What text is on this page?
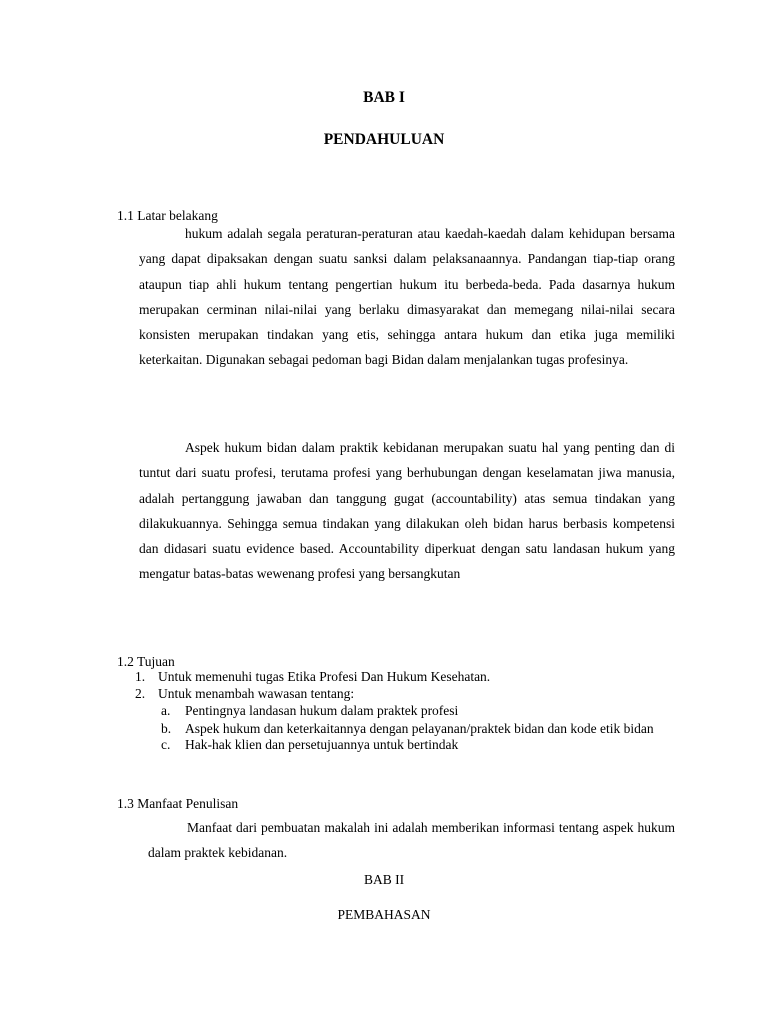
BAB I
PENDAHULUAN
1.1 Latar belakang

hukum adalah segala peraturan-peraturan atau kaedah-kaedah dalam kehidupan bersama yang dapat dipaksakan dengan suatu sanksi dalam pelaksanaannya. Pandangan tiap-tiap orang ataupun tiap ahli hukum tentang pengertian hukum itu berbeda-beda. Pada dasarnya hukum merupakan cerminan nilai-nilai yang berlaku dimasyarakat dan memegang nilai-nilai secara konsisten merupakan tindakan yang etis, sehingga antara hukum dan etika juga memiliki keterkaitan. Digunakan sebagai pedoman bagi Bidan dalam menjalankan tugas profesinya.

Aspek hukum bidan dalam praktik kebidanan merupakan suatu hal yang penting dan di tuntut dari suatu profesi, terutama profesi yang berhubungan dengan keselamatan jiwa manusia, adalah pertanggung jawaban dan tanggung gugat (accountability) atas semua tindakan yang dilakukuannya. Sehingga semua tindakan yang dilakukan oleh bidan harus berbasis kompetensi dan didasari suatu evidence based. Accountability diperkuat dengan satu landasan hukum yang mengatur batas-batas wewenang profesi yang bersangkutan

1.2 Tujuan
1. Untuk memenuhi tugas Etika Profesi Dan Hukum Kesehatan.
2. Untuk menambah wawasan tentang:
a. Pentingnya landasan hukum dalam praktek profesi
b. Aspek hukum dan keterkaitannya dengan pelayanan/praktek bidan dan kode etik bidan
c. Hak-hak klien dan persetujuannya untuk bertindak
1.3 Manfaat Penulisan

Manfaat dari pembuatan makalah ini adalah memberikan informasi tentang aspek hukum dalam praktek kebidanan.

BAB II
PEMBAHASAN
